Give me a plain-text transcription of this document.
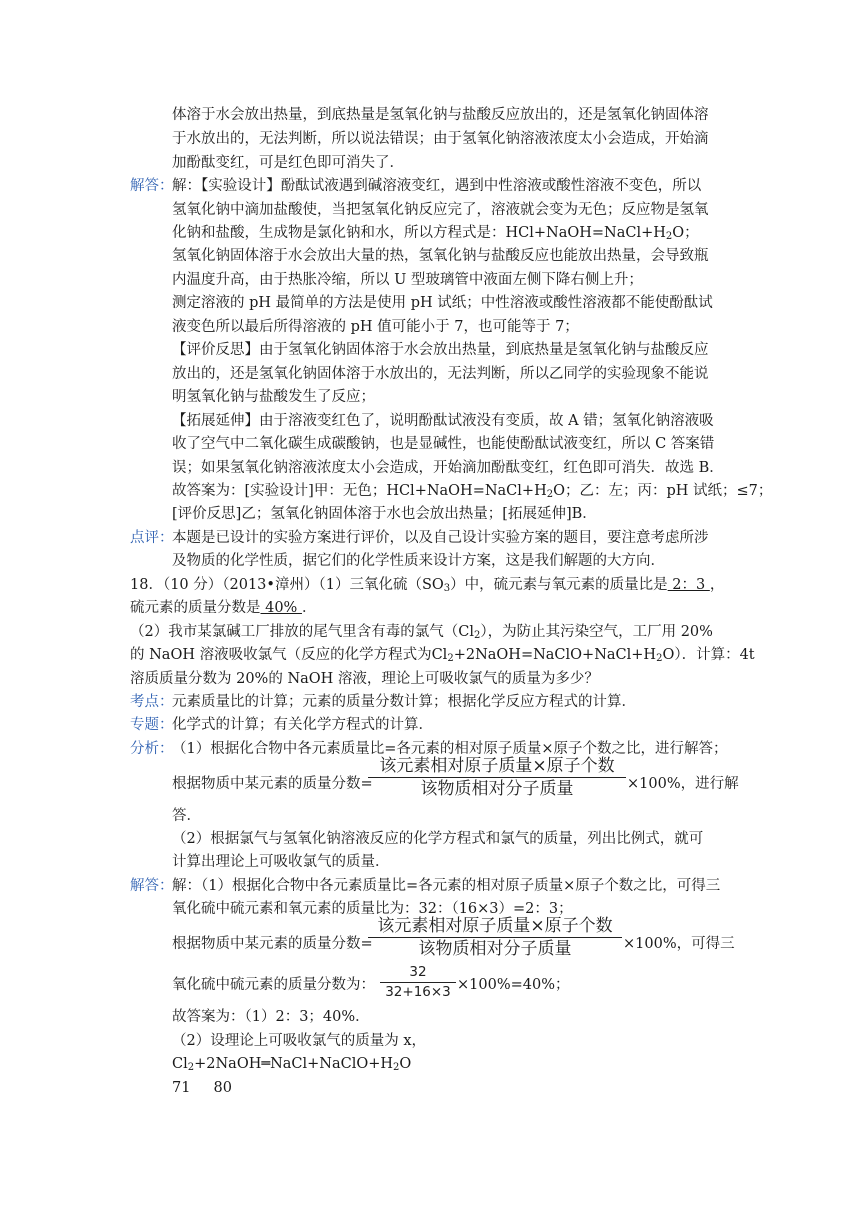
体溶于水会放出热量，到底热量是氢氧化钠与盐酸反应放出的，还是氢氧化钠固体溶
于水放出的，无法判断，所以说法错误；由于氢氧化钠溶液浓度太小会造成，开始滴
加酚酞变红，可是红色即可消失了．
解答：
解：【实验设计】酚酞试液遇到碱溶液变红，遇到中性溶液或酸性溶液不变色，所以
氢氧化钠中滴加盐酸使，当把氢氧化钠反应完了，溶液就会变为无色；反应物是氢氧
化钠和盐酸，生成物是氯化钠和水，所以方程式是：$HCl+NaOH=NaCl+H_2O$；
氢氧化钠固体溶于水会放出大量的热，氢氧化钠与盐酸反应也能放出热量，会导致瓶
内温度升高，由于热胀冷缩，所以 U 型玻璃管中液面左侧下降右侧上升；
测定溶液的 pH 最简单的方法是使用 pH 试纸；中性溶液或酸性溶液都不能使酚酞试
液变色所以最后所得溶液的 pH 值可能小于 7，也可能等于 7；
【评价反思】由于氢氧化钠固体溶于水会放出热量，到底热量是氢氧化钠与盐酸反应
放出的，还是氢氧化钠固体溶于水放出的，无法判断，所以乙同学的实验现象不能说
明氢氧化钠与盐酸发生了反应；
【拓展延伸】由于溶液变红色了，说明酚酞试液没有变质，故 A 错；氢氧化钠溶液吸
收了空气中二氧化碳生成碳酸钠，也是显碱性，也能使酚酞试液变红，所以 C 答案错
误；如果氢氧化钠溶液浓度太小会造成，开始滴加酚酞变红，红色即可消失．故选 B．
故答案为：[实验设计]甲：无色；$HCl+NaOH=NaCl+H_2O$；乙：左；丙：pH 试纸；≤7；
[评价反思]乙；氢氧化钠固体溶于水也会放出热量；[拓展延伸]B．
点评：
本题是已设计的实验方案进行评价，以及自己设计实验方案的题目，要注意考虑所涉
及物质的化学性质，据它们的化学性质来设计方案，这是我们解题的大方向．
18．（10 分）（2013•漳州）（1）三氧化硫$(SO_3)$中，硫元素与氧元素的质量比是 2：3 ，
硫元素的质量分数是 40% ．
（2）我市某氯碱工厂排放的尾气里含有毒的氯气$(Cl_2)$，为防止其污染空气，工厂用 20%
的 NaOH 溶液吸收氯气（反应的化学方程式为$Cl_2+2NaOH=NaClO+NaCl+H_2O$）．计算：4t
溶质质量分数为 20%的 NaOH 溶液，理论上可吸收氯气的质量为多少？
考点：
元素质量比的计算；元素的质量分数计算；根据化学反应方程式的计算．
专题：
化学式的计算；有关化学方程式的计算．
分析：
（1）根据化合物中各元素质量比=各元素的相对原子质量×原子个数之比，进行解答；
根据物质中某元素的质量分数=
该元素相对原子质量×原子个数
该物质相对分子质量	×100%，进行解
答．
（2）根据氯气与氢氧化钠溶液反应的化学方程式和氯气的质量，列出比例式，就可
计算出理论上可吸收氯气的质量．
解答：
解：（1）根据化合物中各元素质量比=各元素的相对原子质量×原子个数之比，可得三
氧化硫中硫元素和氧元素的质量比为：32：（16×3）=2：3；
根据物质中某元素的质量分数=
该元素相对原子质量×原子个数
该物质相对分子质量	×100%，可得三
氧化硫中硫元素的质量分数为： $\frac{32}{32+16\times 3} \times 100\%=40\%$；
故答案为：（1）2：3；40%．
（2）设理论上可吸收氯气的质量为 x，
$Cl_2+2NaOH═NaCl+NaClO+H_2O$
71     80
